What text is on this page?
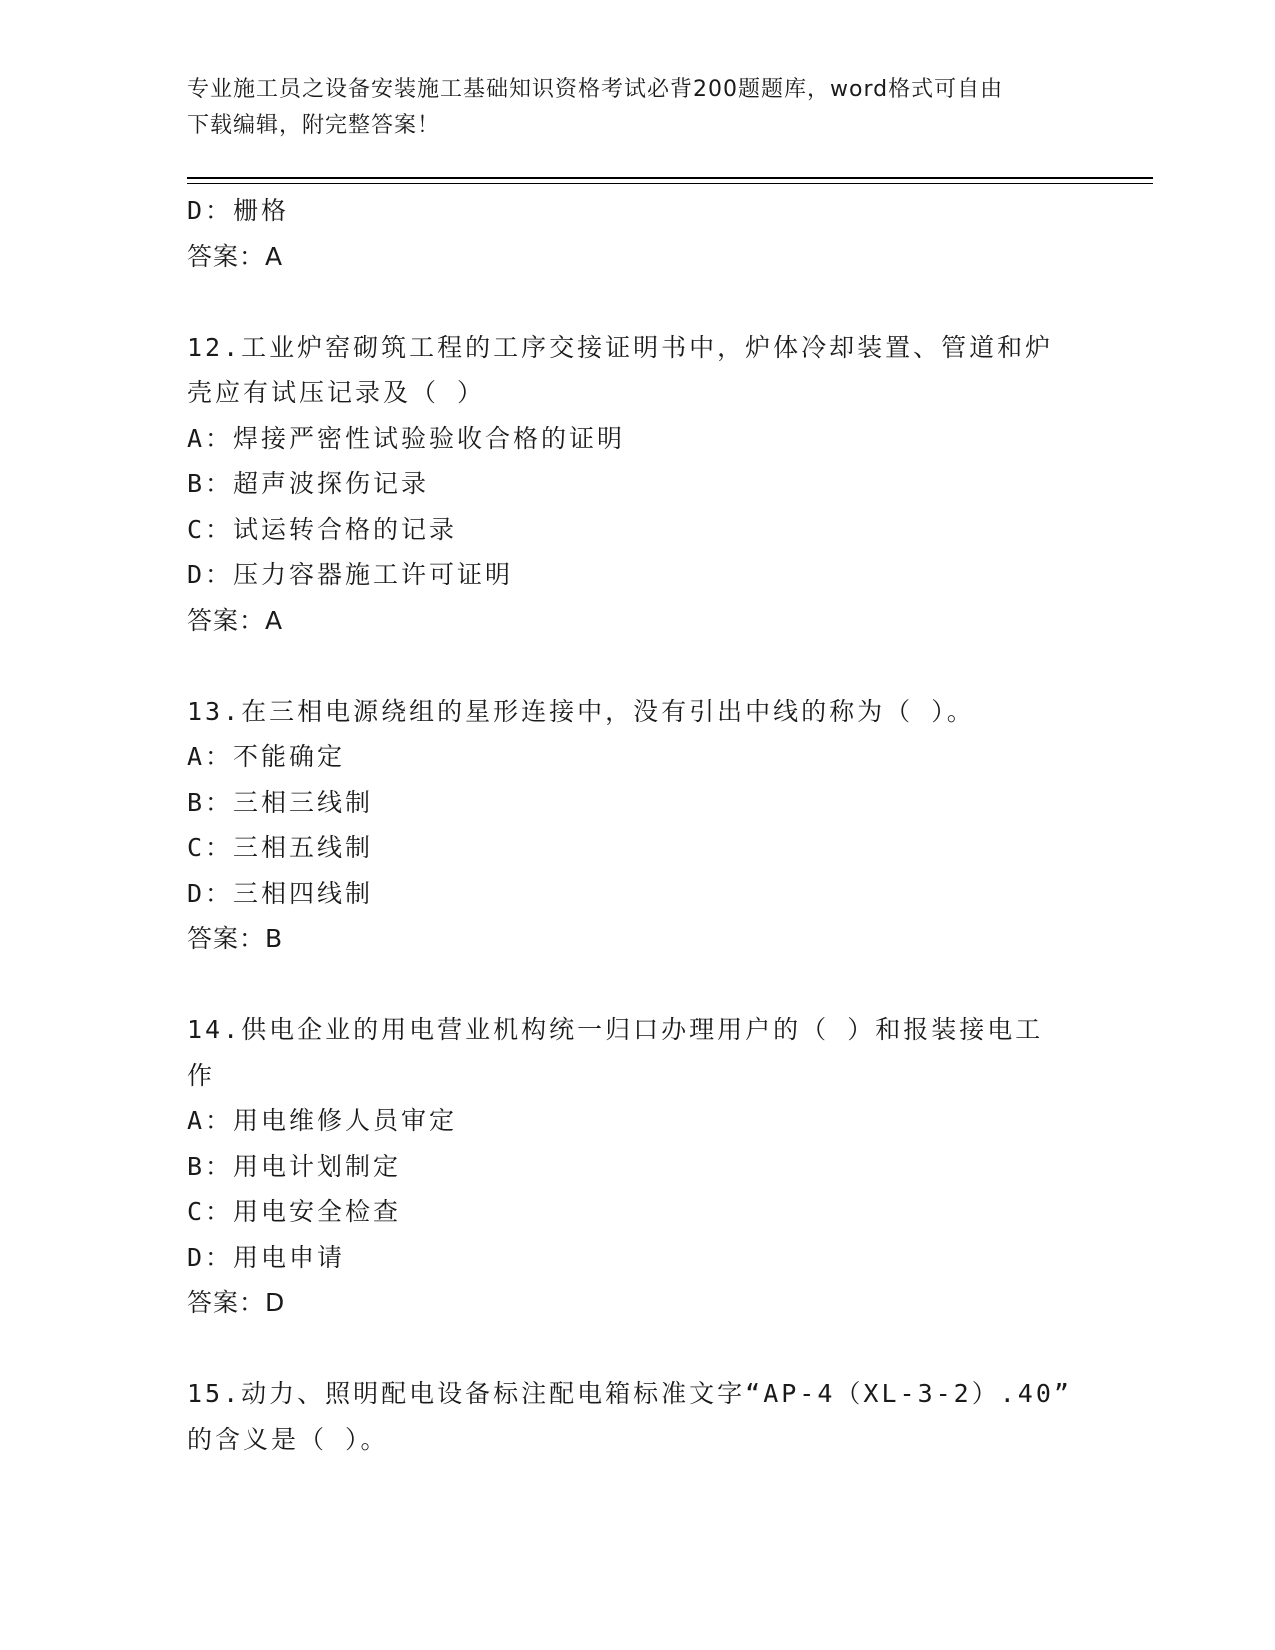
专业施工员之设备安装施工基础知识资格考试必背200题题库，word格式可自由
下载编辑，附完整答案！
D：栅格
答案：A
12.工业炉窑砌筑工程的工序交接证明书中，炉体冷却装置、管道和炉
壳应有试压记录及（ ）
A：焊接严密性试验验收合格的证明
B：超声波探伤记录
C：试运转合格的记录
D：压力容器施工许可证明
答案：A
13.在三相电源绕组的星形连接中，没有引出中线的称为（ ）。
A：不能确定
B：三相三线制
C：三相五线制
D：三相四线制
答案：B
14.供电企业的用电营业机构统一归口办理用户的（ ）和报装接电工
作
A：用电维修人员审定
B：用电计划制定
C：用电安全检查
D：用电申请
答案：D
15.动力、照明配电设备标注配电箱标准文字“AP-4（XL-3-2）.40”
的含义是（ ）。
